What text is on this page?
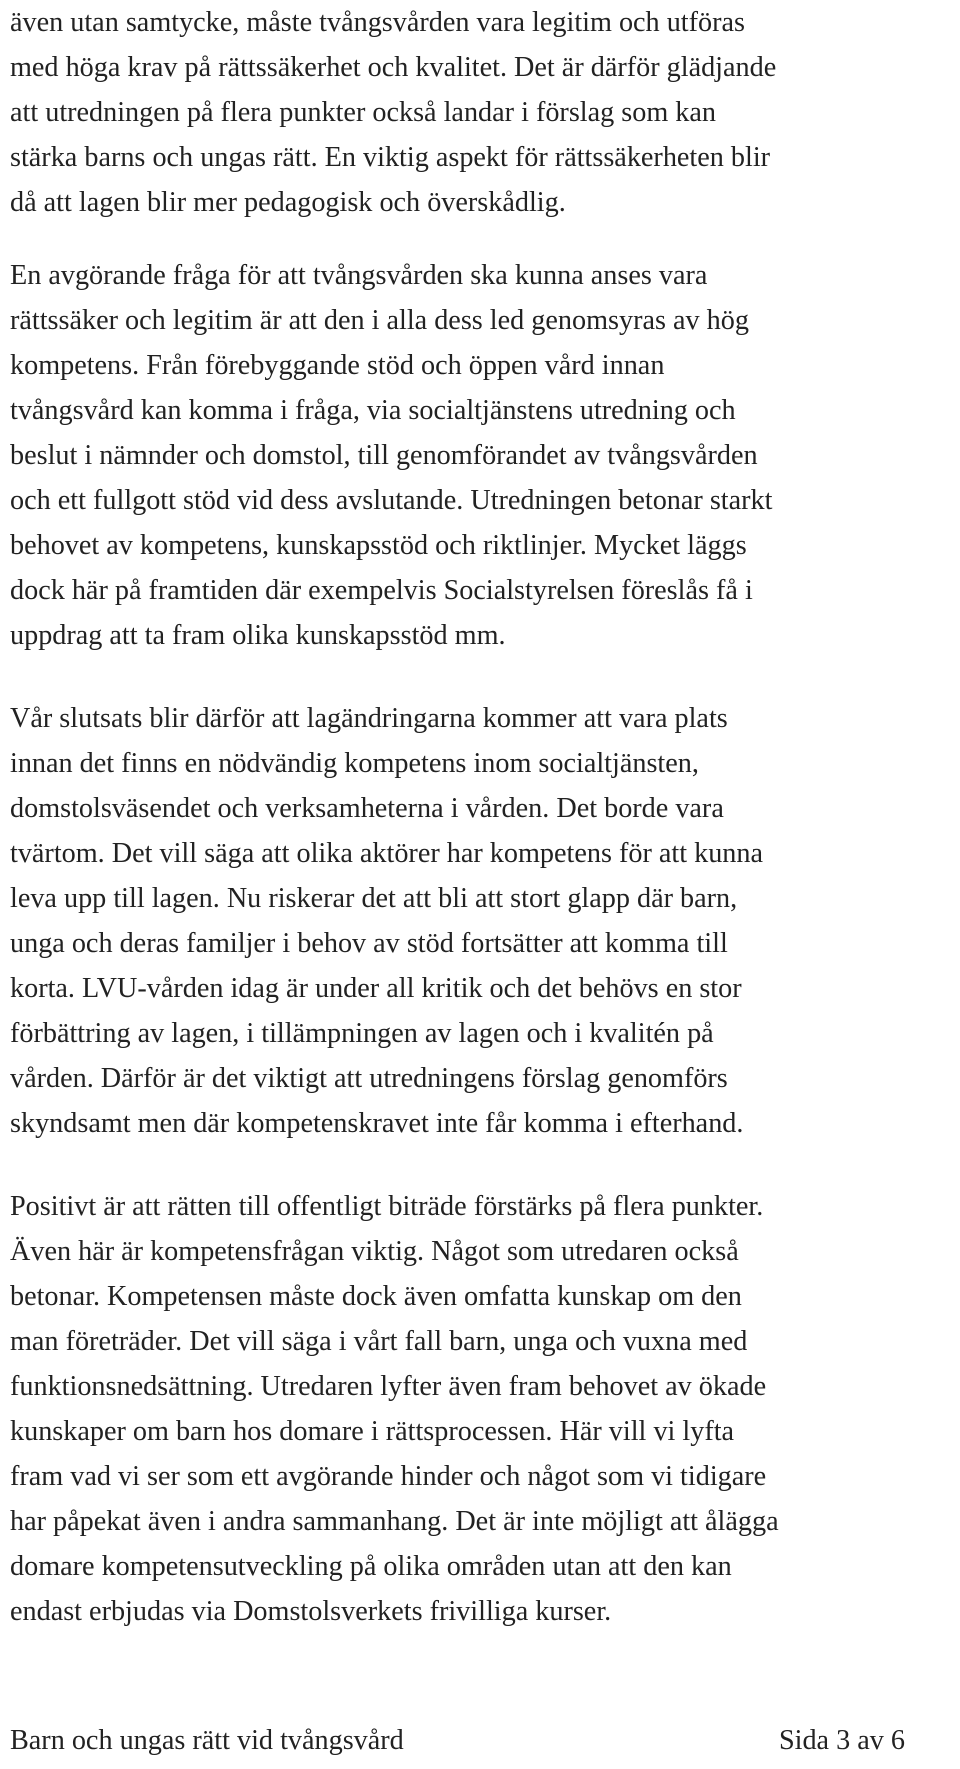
även utan samtycke, måste tvångsvården vara legitim och utföras
med höga krav på rättssäkerhet och kvalitet. Det är därför glädjande
att utredningen på flera punkter också landar i förslag som kan
stärka barns och ungas rätt. En viktig aspekt för rättssäkerheten blir
då att lagen blir mer pedagogisk och överskådlig.
En avgörande fråga för att tvångsvården ska kunna anses vara
rättssäker och legitim är att den i alla dess led genomsyras av hög
kompetens. Från förebyggande stöd och öppen vård innan
tvångsvård kan komma i fråga, via socialtjänstens utredning och
beslut i nämnder och domstol, till genomförandet av tvångsvården
och ett fullgott stöd vid dess avslutande. Utredningen betonar starkt
behovet av kompetens, kunskapsstöd och riktlinjer. Mycket läggs
dock här på framtiden där exempelvis Socialstyrelsen föreslås få i
uppdrag att ta fram olika kunskapsstöd mm.
Vår slutsats blir därför att lagändringarna kommer att vara plats
innan det finns en nödvändig kompetens inom socialtjänsten,
domstolsväsendet och verksamheterna i vården. Det borde vara
tvärtom. Det vill säga att olika aktörer har kompetens för att kunna
leva upp till lagen. Nu riskerar det att bli att stort glapp där barn,
unga och deras familjer i behov av stöd fortsätter att komma till
korta. LVU-vården idag är under all kritik och det behövs en stor
förbättring av lagen, i tillämpningen av lagen och i kvalitén på
vården. Därför är det viktigt att utredningens förslag genomförs
skyndsamt men där kompetenskravet inte får komma i efterhand.
Positivt är att rätten till offentligt biträde förstärks på flera punkter.
Även här är kompetensfrågan viktig. Något som utredaren också
betonar. Kompetensen måste dock även omfatta kunskap om den
man företräder. Det vill säga i vårt fall barn, unga och vuxna med
funktionsnedsättning. Utredaren lyfter även fram behovet av ökade
kunskaper om barn hos domare i rättsprocessen. Här vill vi lyfta
fram vad vi ser som ett avgörande hinder och något som vi tidigare
har påpekat även i andra sammanhang. Det är inte möjligt att ålägga
domare kompetensutveckling på olika områden utan att den kan
endast erbjudas via Domstolsverkets frivilliga kurser.
Barn och ungas rätt vid tvångsvård	Sida 3 av 6
